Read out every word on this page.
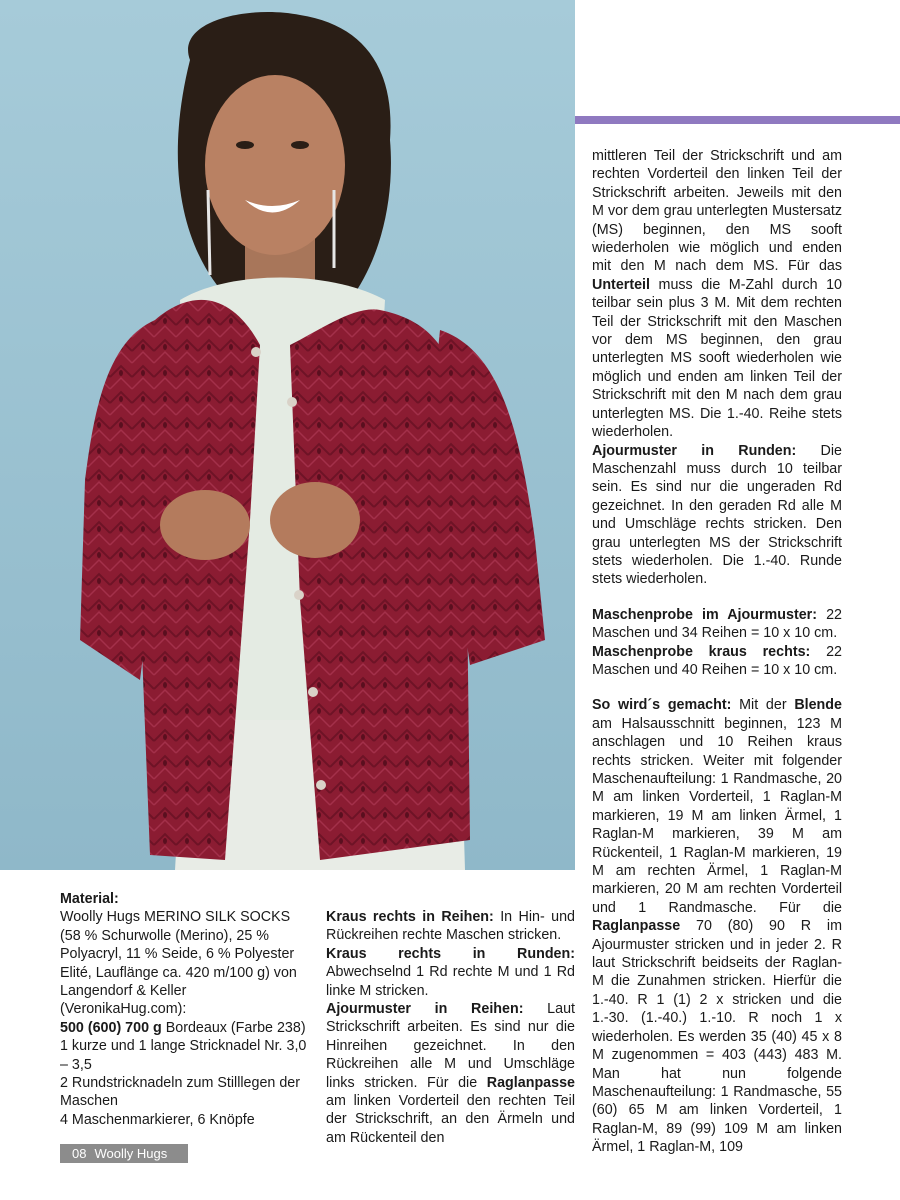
Material:

Woolly Hugs MERINO SILK SOCKS (58 % Schurwolle (Merino), 25 % Polyacryl, 11 % Seide, 6 % Polyester Elité, Lauflänge ca. 420 m/100 g) von Langendorf & Keller (VeronikaHug.com):

500 (600) 700 g Bordeaux (Farbe 238)

1 kurze und 1 lange Stricknadel Nr. 3,0 – 3,5

2 Rundstricknadeln zum Stilllegen der Maschen

4 Maschenmarkierer, 6 Knöpfe

Kraus rechts in Reihen: In Hin- und Rückreihen rechte Maschen stricken.

Kraus rechts in Runden: Abwechselnd 1 Rd rechte M und 1 Rd linke M stricken.

Ajourmuster in Reihen: Laut Strickschrift arbeiten. Es sind nur die Hinreihen gezeichnet. In den Rückreihen alle M und Umschläge links stricken. Für die Raglanpasse am linken Vorderteil den rechten Teil der Strickschrift, an den Ärmeln und am Rückenteil den

mittleren Teil der Strickschrift und am rechten Vorderteil den linken Teil der Strickschrift arbeiten. Jeweils mit den M vor dem grau unterlegten Mustersatz (MS) beginnen, den MS sooft wiederholen wie möglich und enden mit den M nach dem MS. Für das Unterteil muss die M-Zahl durch 10 teilbar sein plus 3 M. Mit dem rechten Teil der Strickschrift mit den Maschen vor dem MS beginnen, den grau unterlegten MS sooft wiederholen wie möglich und enden am linken Teil der Strickschrift mit den M nach dem grau unterlegten MS. Die 1.-40. Reihe stets wiederholen.

Ajourmuster in Runden: Die Maschenzahl muss durch 10 teilbar sein. Es sind nur die ungeraden Rd gezeichnet. In den geraden Rd alle M und Umschläge rechts stricken. Den grau unterlegten MS der Strickschrift stets wiederholen. Die 1.-40. Runde stets wiederholen.

Maschenprobe im Ajourmuster: 22 Maschen und 34 Reihen = 10 x 10 cm.

Maschenprobe kraus rechts: 22 Maschen und 40 Reihen = 10 x 10 cm.

So wird´s gemacht: Mit der Blende am Halsausschnitt beginnen, 123 M anschlagen und 10 Reihen kraus rechts stricken. Weiter mit folgender Maschenaufteilung: 1 Randmasche, 20 M am linken Vorderteil, 1 Raglan-M markieren, 19 M am linken Ärmel, 1 Raglan-M markieren, 39 M am Rückenteil, 1 Raglan-M markieren, 19 M am rechten Ärmel, 1 Raglan-M markieren, 20 M am rechten Vorderteil und 1 Randmasche. Für die Raglanpasse 70 (80) 90 R im Ajourmuster stricken und in jeder 2. R laut Strickschrift beidseits der Raglan-M die Zunahmen stricken. Hierfür die 1.-40. R 1 (1) 2 x stricken und die 1.-30. (1.-40.) 1.-10. R noch 1 x wiederholen. Es werden 35 (40) 45 x 8 M zugenommen = 403 (443) 483 M. Man hat nun folgende Maschenaufteilung: 1 Randmasche, 55 (60) 65 M am linken Vorderteil, 1 Raglan-M, 89 (99) 109 M am linken Ärmel, 1 Raglan-M, 109

08 Woolly Hugs
